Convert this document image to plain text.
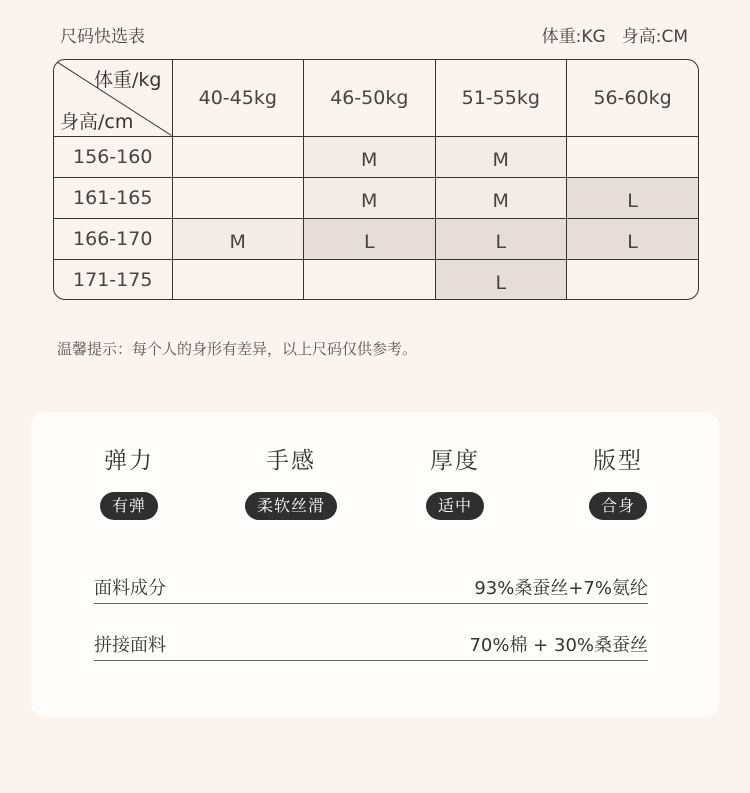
尺码快选表	体重:KG 身高:CM
体重/kg
身高/cm	40-45kg	46-50kg	51-55kg	56-60kg
156-160		M	M	
161-165		M	M	L
166-170	M	L	L	L
171-175			L	
温馨提示：每个人的身形有差异，以上尺码仅供参考。
弹力
有弹
手感
柔软丝滑
厚度
适中
版型
合身
面料成分	93%桑蚕丝+7%氨纶
拼接面料	70%棉 + 30%桑蚕丝
